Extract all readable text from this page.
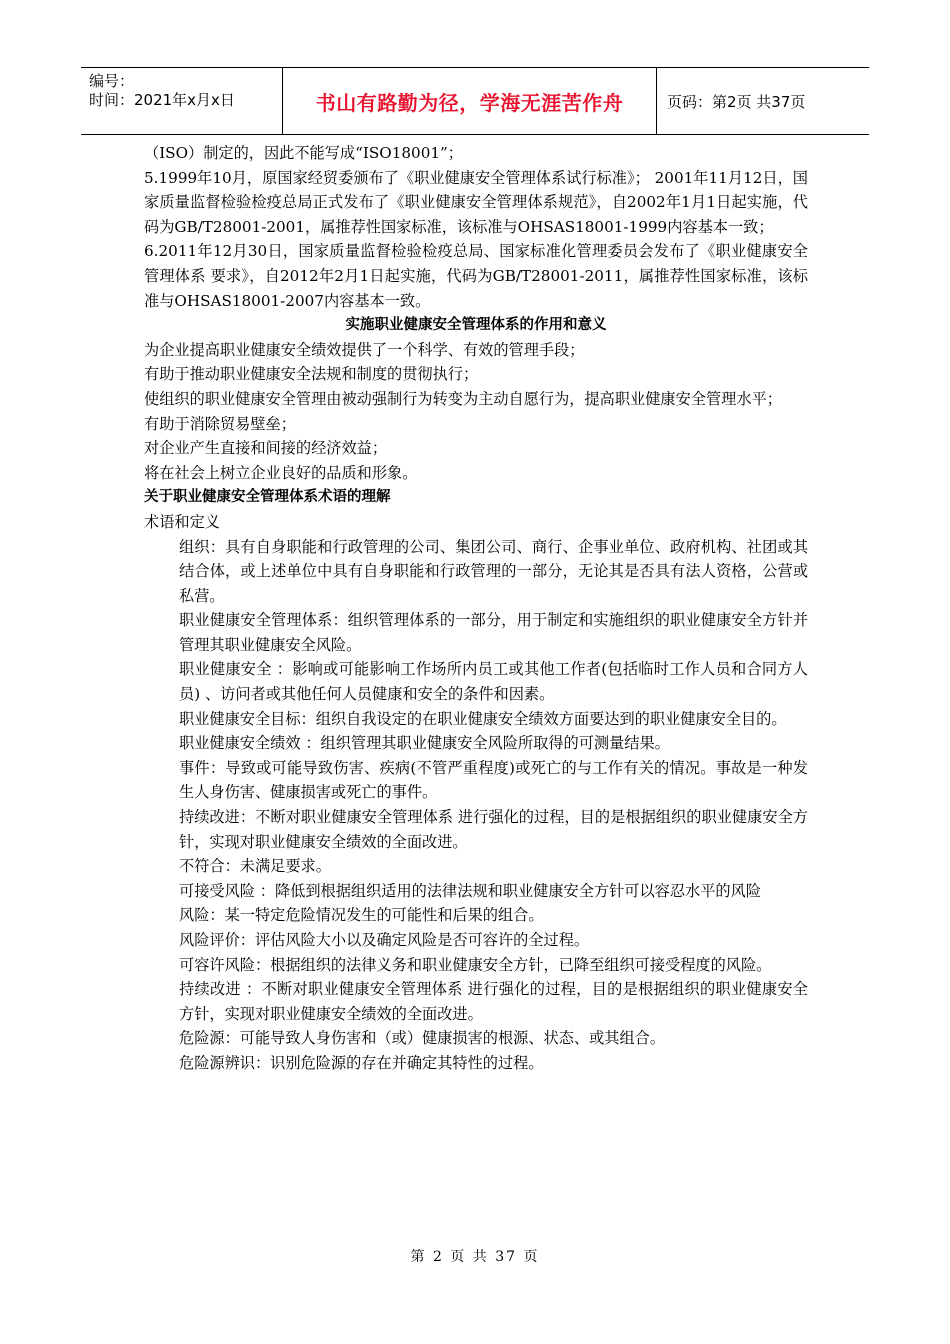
编号：
时间：2021年x月x日	书山有路勤为径，学海无涯苦作舟	页码：第2页 共37页

（ISO）制定的，因此不能写成“ISO18001”；

5.1999年10月，原国家经贸委颁布了《职业健康安全管理体系试行标准》； 2001年11月12日，国家质量监督检验检疫总局正式发布了《职业健康安全管理体系规范》，自2002年1月1日起实施，代码为GB/T28001-2001，属推荐性国家标准，该标准与OHSAS18001-1999内容基本一致；

6.2011年12月30日，国家质量监督检验检疫总局、国家标准化管理委员会发布了《职业健康安全管理体系 要求》，自2012年2月1日起实施，代码为GB/T28001-2011，属推荐性国家标准，该标准与OHSAS18001-2007内容基本一致。

实施职业健康安全管理体系的作用和意义

为企业提高职业健康安全绩效提供了一个科学、有效的管理手段；

有助于推动职业健康安全法规和制度的贯彻执行；

使组织的职业健康安全管理由被动强制行为转变为主动自愿行为，提高职业健康安全管理水平；

有助于消除贸易壁垒；

对企业产生直接和间接的经济效益；

将在社会上树立企业良好的品质和形象。

关于职业健康安全管理体系术语的理解

术语和定义

组织：具有自身职能和行政管理的公司、集团公司、商行、企事业单位、政府机构、社团或其结合体，或上述单位中具有自身职能和行政管理的一部分，无论其是否具有法人资格，公营或私营。

职业健康安全管理体系：组织管理体系的一部分，用于制定和实施组织的职业健康安全方针并管理其职业健康安全风险。

职业健康安全 ：影响或可能影响工作场所内员工或其他工作者(包括临时工作人员和合同方人员) 、访问者或其他任何人员健康和安全的条件和因素。

职业健康安全目标：组织自我设定的在职业健康安全绩效方面要达到的职业健康安全目的。

职业健康安全绩效 ：组织管理其职业健康安全风险所取得的可测量结果。

事件：导致或可能导致伤害、疾病(不管严重程度)或死亡的与工作有关的情况。事故是一种发生人身伤害、健康损害或死亡的事件。

持续改进：不断对职业健康安全管理体系 进行强化的过程，目的是根据组织的职业健康安全方针，实现对职业健康安全绩效的全面改进。

不符合：未满足要求。

可接受风险 ：降低到根据组织适用的法律法规和职业健康安全方针可以容忍水平的风险

风险：某一特定危险情况发生的可能性和后果的组合。

风险评价：评估风险大小以及确定风险是否可容许的全过程。

可容许风险：根据组织的法律义务和职业健康安全方针，已降至组织可接受程度的风险。

持续改进 ：不断对职业健康安全管理体系 进行强化的过程，目的是根据组织的职业健康安全方针，实现对职业健康安全绩效的全面改进。

危险源：可能导致人身伤害和（或）健康损害的根源、状态、或其组合。

危险源辨识：识别危险源的存在并确定其特性的过程。

第 2 页 共 37 页
